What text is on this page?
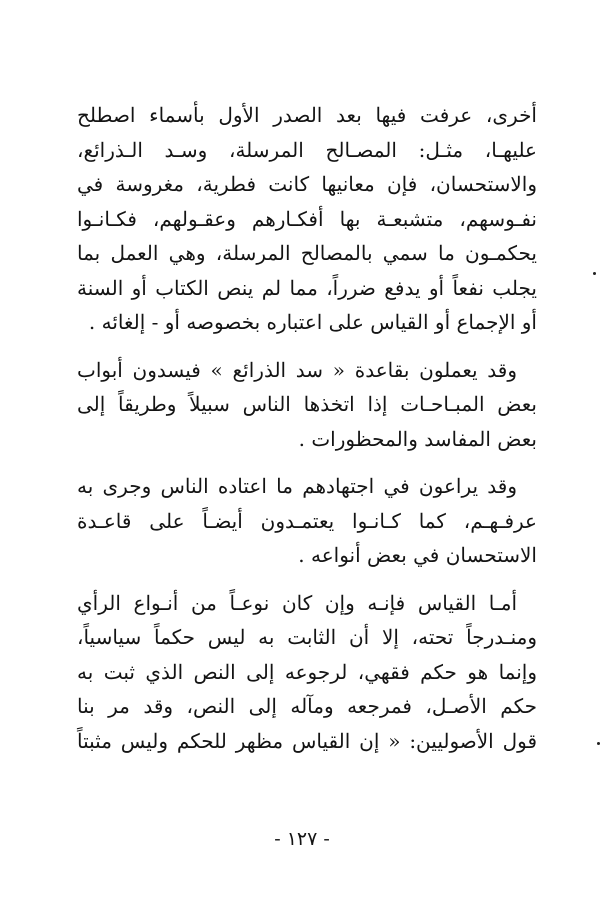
أخرى، عرفت فيها بعد الصدر الأول بأسماء اصطلح
عليهـا، مثـل: المصـالح المرسلة، وسـد الـذرائع،
والاستحسان، فإن معانيها كانت فطرية، مغروسة في
نفـوسهم، متشبعـة بها أفكـارهم وعقـولهم، فكـانـوا
يحكمـون ما سمي بالمصالح المرسلة، وهي العمل بما
يجلب نفعاً أو يدفع ضرراً، مما لم ينص الكتاب أو السنة
أو الإجماع أو القياس على اعتباره بخصوصه أو - إلغائه .

وقد يعملون بقاعدة « سد الذرائع » فيسدون أبواب
بعض المبـاحـات إذا اتخذها الناس سبيلاً وطريقاً إلى
بعض المفاسد والمحظورات .

وقد يراعون في اجتهادهم ما اعتاده الناس وجرى به
عرفـهـم، كما كـانـوا يعتمـدون أيضـاً على قاعـدة
الاستحسان في بعض أنواعه .

أمـا القياس فإنـه وإن كان نوعـاً من أنـواع الرأي
ومنـدرجاً تحته، إلا أن الثابت به ليس حكماً سياسياً،
وإنما هو حكم فقهي، لرجوعه إلى النص الذي ثبت به
حكم الأصـل، فمرجعه ومآله إلى النص، وقد مر بنا
قول الأصوليين: « إن القياس مظهر للحكم وليس مثبتاً

- ١٢٧ -
